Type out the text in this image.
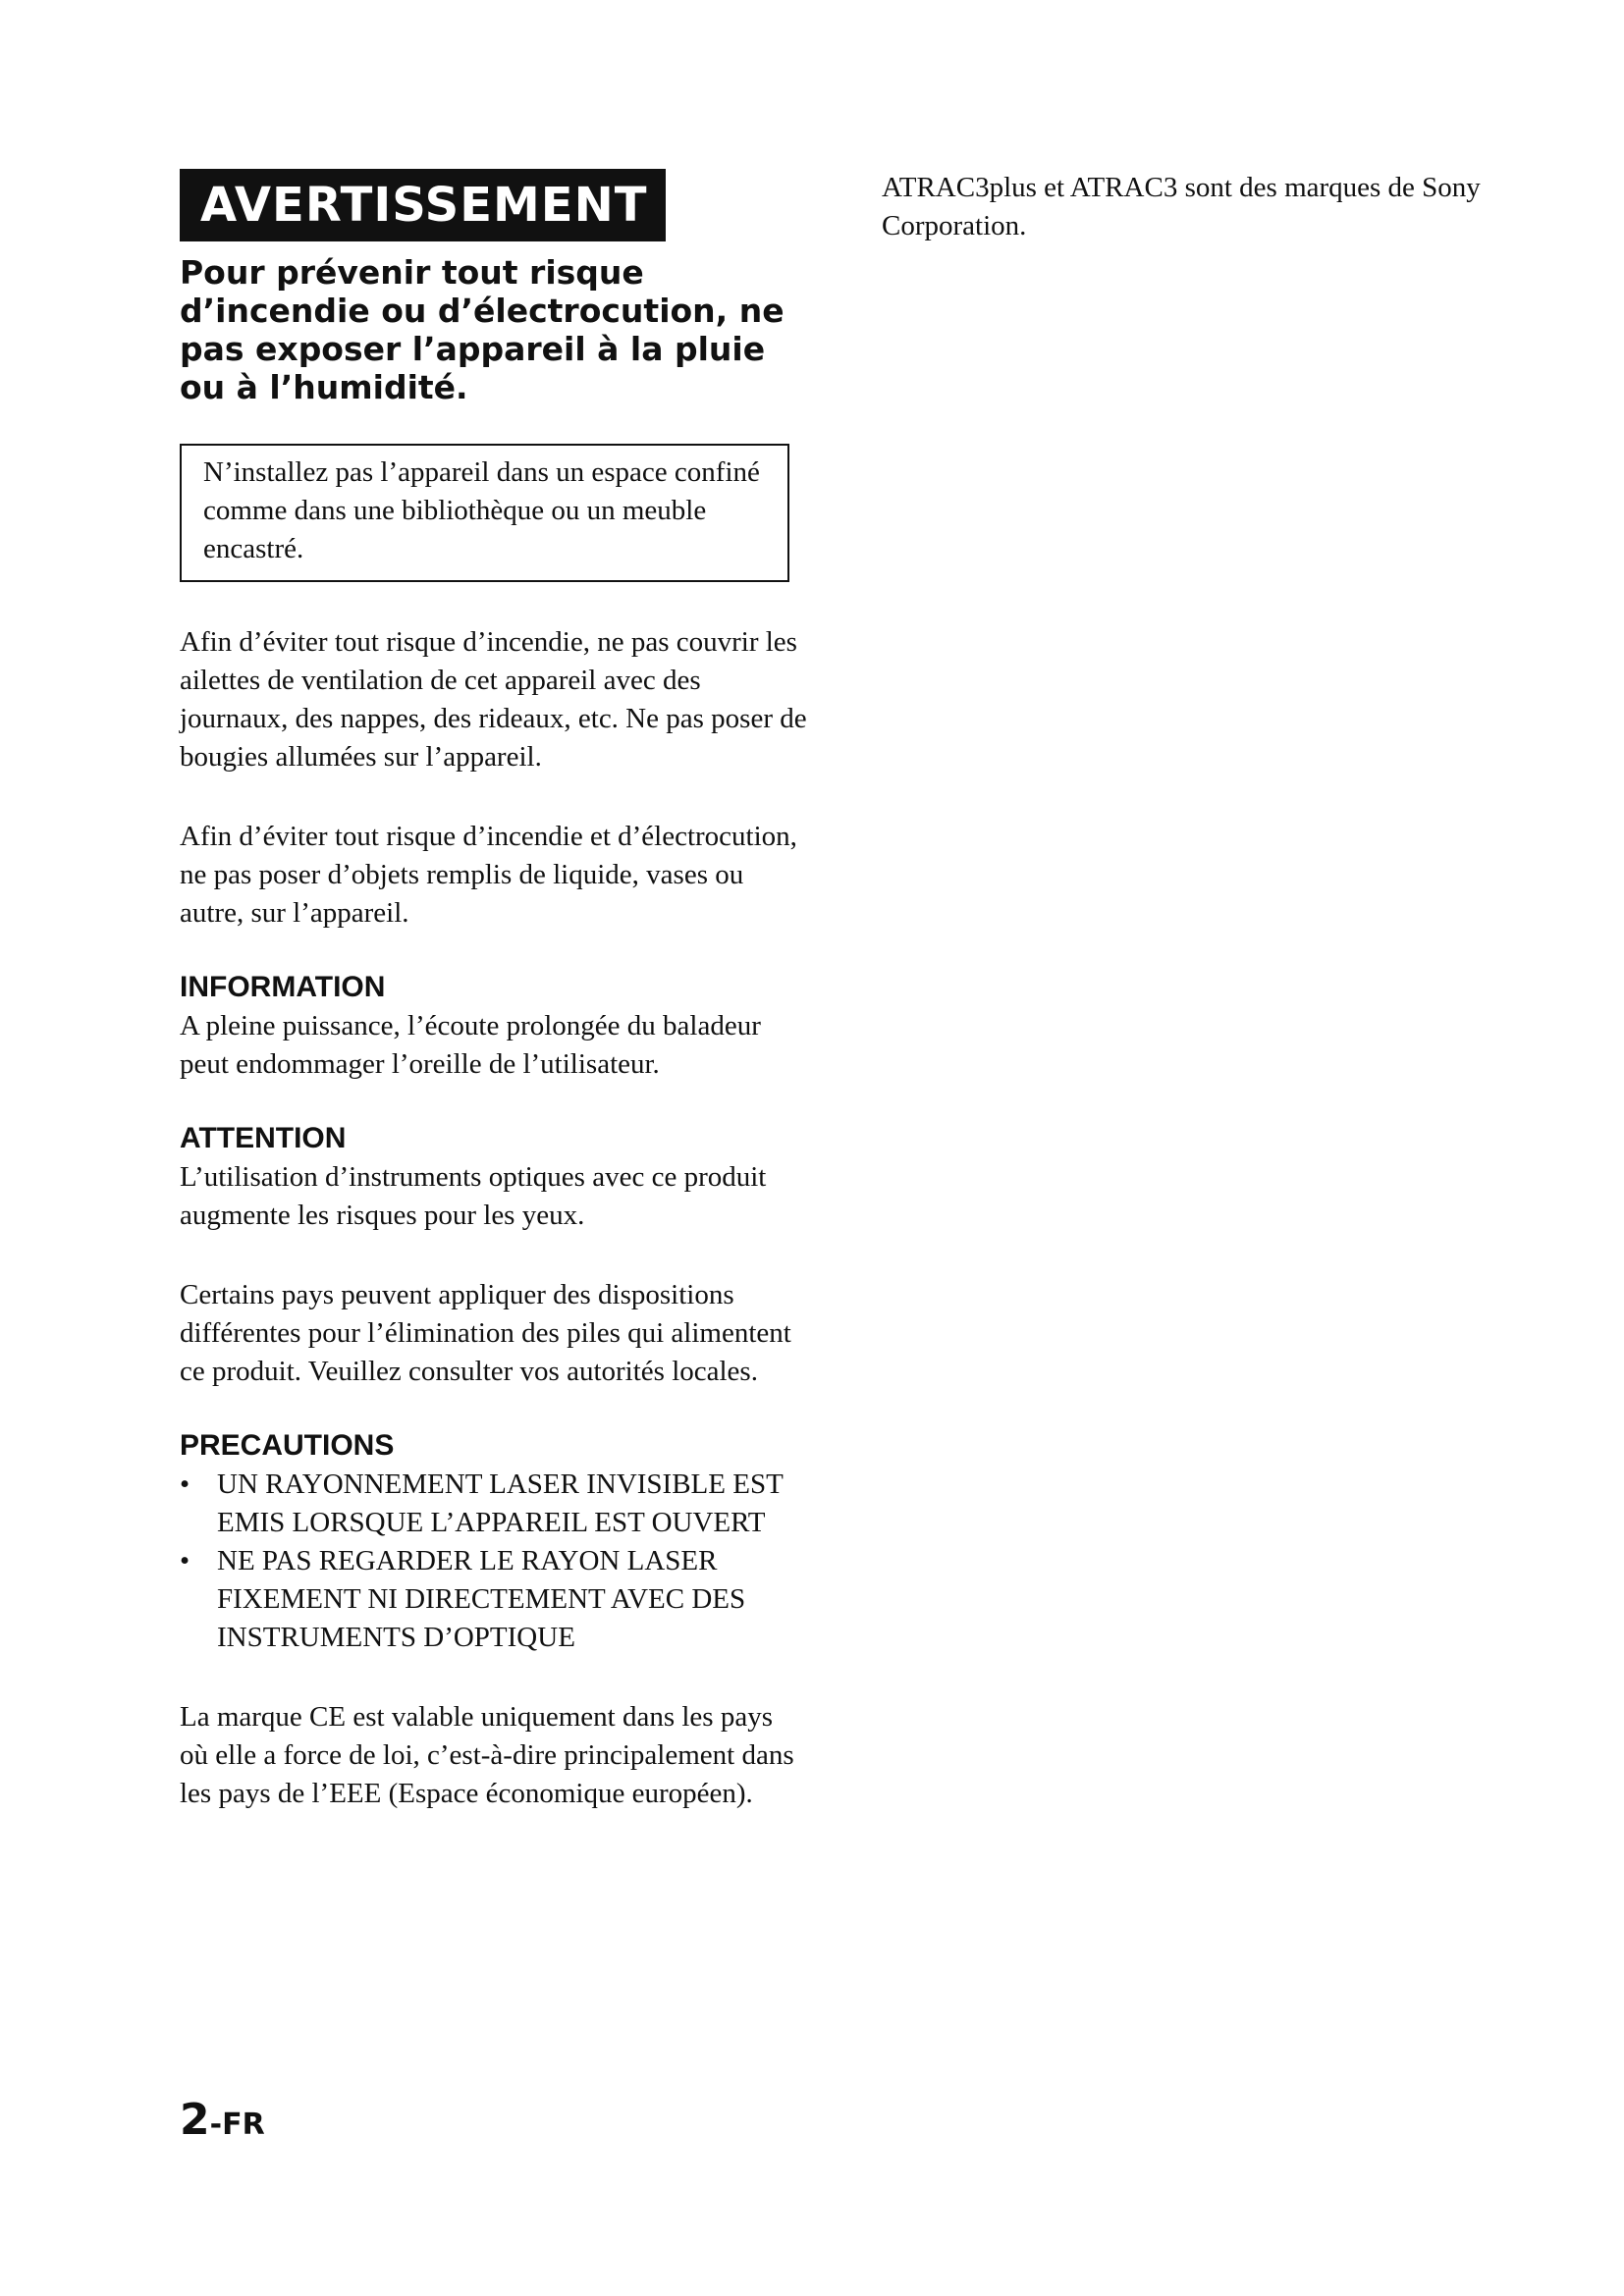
AVERTISSEMENT
Pour prévenir tout risque d’incendie ou d’électrocution, ne pas exposer l’appareil à la pluie ou à l’humidité.
N’installez pas l’appareil dans un espace confiné comme dans une bibliothèque ou un meuble encastré.

Afin d’éviter tout risque d’incendie, ne pas couvrir les ailettes de ventilation de cet appareil avec des journaux, des nappes, des rideaux, etc. Ne pas poser de bougies allumées sur l’appareil.

Afin d’éviter tout risque d’incendie et d’électrocution, ne pas poser d’objets remplis de liquide, vases ou autre, sur l’appareil.

INFORMATION

A pleine puissance, l’écoute prolongée du baladeur peut endommager l’oreille de l’utilisateur.

ATTENTION

L’utilisation d’instruments optiques avec ce produit augmente les risques pour les yeux.

Certains pays peuvent appliquer des dispositions différentes pour l’élimination des piles qui alimentent ce produit. Veuillez consulter vos autorités locales.

PRECAUTIONS
• UN RAYONNEMENT LASER INVISIBLE EST EMIS LORSQUE L’APPAREIL EST OUVERT
• NE PAS REGARDER LE RAYON LASER FIXEMENT NI DIRECTEMENT AVEC DES INSTRUMENTS D’OPTIQUE

La marque CE est valable uniquement dans les pays où elle a force de loi, c’est-à-dire principalement dans les pays de l’EEE (Espace économique européen).

ATRAC3plus et ATRAC3 sont des marques de Sony Corporation.

2-FR
